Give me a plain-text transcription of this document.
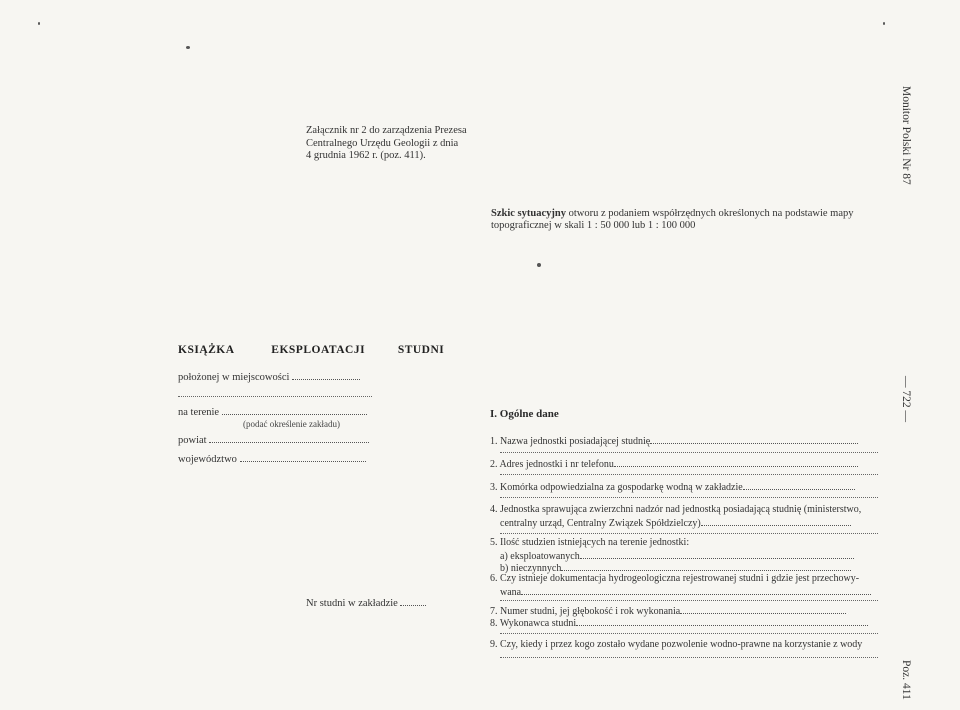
Załącznik nr 2 do zarządzenia Prezesa
Centralnego Urzędu Geologii z dnia
4 grudnia 1962 r. (poz. 411).
Szkic sytuacyjny otworu z podaniem współrzędnych określonych na podstawie mapy topograficznej w skali 1 : 50 000 lub 1 : 100 000
KSIĄŻKA	EKSPLOATACJI	STUDNI
położonej w miejscowości
na terenie
(podać określenie zakładu)
powiat
województwo
Nr studni w zakładzie
I. Ogólne dane
1. Nazwa jednostki posiadającej studnię
2. Adres jednostki i nr telefonu
3. Komórka odpowiedzialna za gospodarkę wodną w zakładzie
4. Jednostka sprawująca zwierzchni nadzór nad jednostką posiadającą studnię (ministerstwo,
centralny urząd, Centralny Związek Spółdzielczy)
5. Ilość studzien istniejących na terenie jednostki:
a) eksploatowanych
b) nieczynnych
6. Czy istnieje dokumentacja hydrogeologiczna rejestrowanej studni i gdzie jest przechowy-
wana
7. Numer studni, jej głębokość i rok wykonania
8. Wykonawca studni
9. Czy, kiedy i przez kogo zostało wydane pozwolenie wodno-prawne na korzystanie z wody
Monitor Polski Nr 87
— 722 —
Poz. 411
